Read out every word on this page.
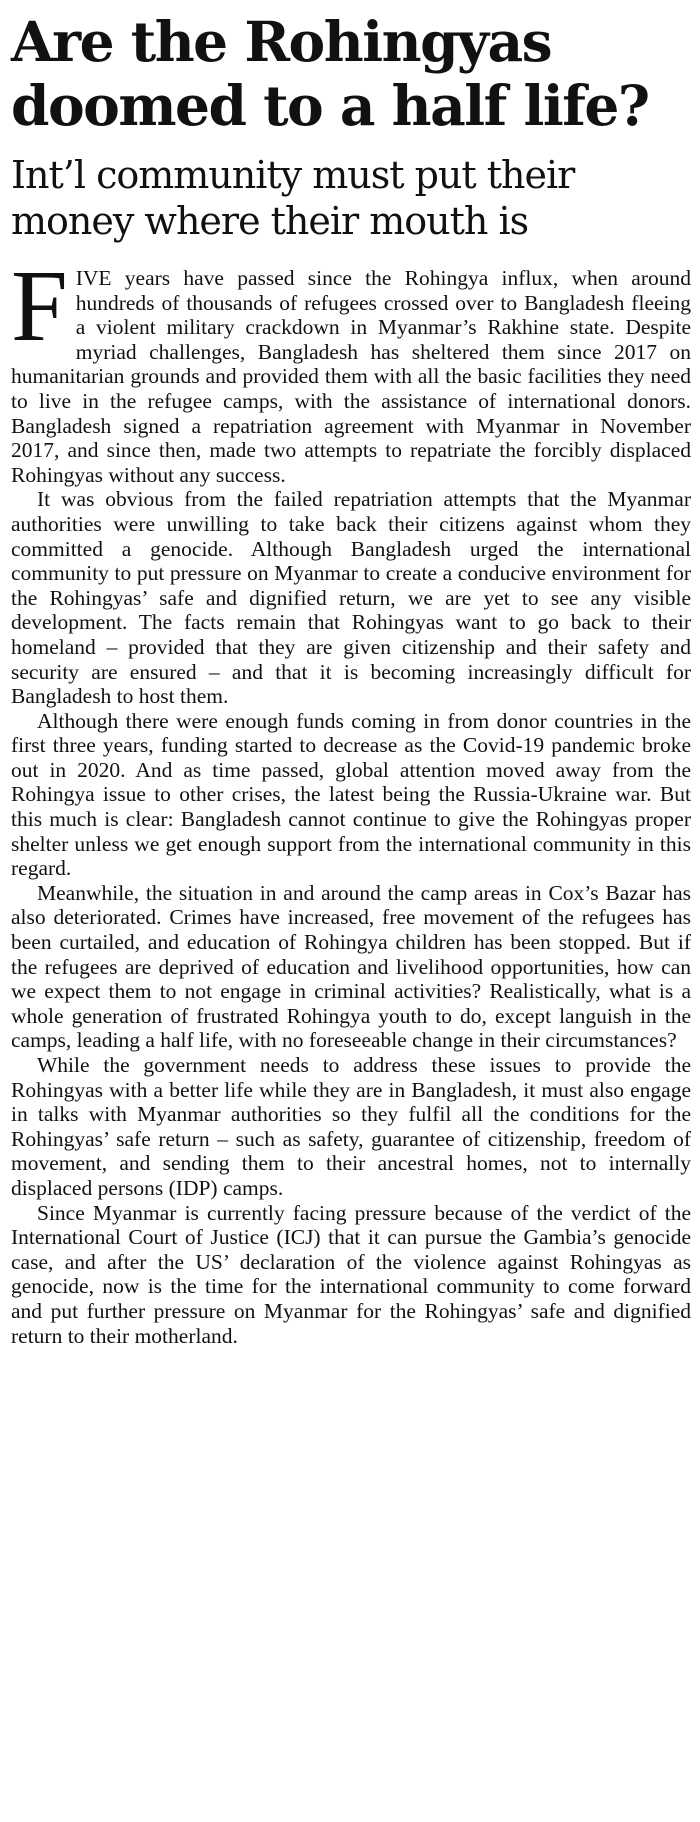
Are the Rohingyas doomed to a half life?
Int’l community must put their money where their mouth is

FIVE years have passed since the Rohingya influx, when around hundreds of thousands of refugees crossed over to Bangladesh fleeing a violent military crackdown in Myanmar’s Rakhine state. Despite myriad challenges, Bangladesh has sheltered them since 2017 on humanitarian grounds and provided them with all the basic facilities they need to live in the refugee camps, with the assistance of international donors. Bangladesh signed a repatriation agreement with Myanmar in November 2017, and since then, made two attempts to repatriate the forcibly displaced Rohingyas without any success.

It was obvious from the failed repatriation attempts that the Myanmar authorities were unwilling to take back their citizens against whom they committed a genocide. Although Bangladesh urged the international community to put pressure on Myanmar to create a conducive environment for the Rohingyas’ safe and dignified return, we are yet to see any visible development. The facts remain that Rohingyas want to go back to their homeland – provided that they are given citizenship and their safety and security are ensured – and that it is becoming increasingly difficult for Bangladesh to host them.

Although there were enough funds coming in from donor countries in the first three years, funding started to decrease as the Covid-19 pandemic broke out in 2020. And as time passed, global attention moved away from the Rohingya issue to other crises, the latest being the Russia-Ukraine war. But this much is clear: Bangladesh cannot continue to give the Rohingyas proper shelter unless we get enough support from the international community in this regard.

Meanwhile, the situation in and around the camp areas in Cox’s Bazar has also deteriorated. Crimes have increased, free movement of the refugees has been curtailed, and education of Rohingya children has been stopped. But if the refugees are deprived of education and livelihood opportunities, how can we expect them to not engage in criminal activities? Realistically, what is a whole generation of frustrated Rohingya youth to do, except languish in the camps, leading a half life, with no foreseeable change in their circumstances?

While the government needs to address these issues to provide the Rohingyas with a better life while they are in Bangladesh, it must also engage in talks with Myanmar authorities so they fulfil all the conditions for the Rohingyas’ safe return – such as safety, guarantee of citizenship, freedom of movement, and sending them to their ancestral homes, not to internally displaced persons (IDP) camps.

Since Myanmar is currently facing pressure because of the verdict of the International Court of Justice (ICJ) that it can pursue the Gambia’s genocide case, and after the US’ declaration of the violence against Rohingyas as genocide, now is the time for the international community to come forward and put further pressure on Myanmar for the Rohingyas’ safe and dignified return to their motherland.
